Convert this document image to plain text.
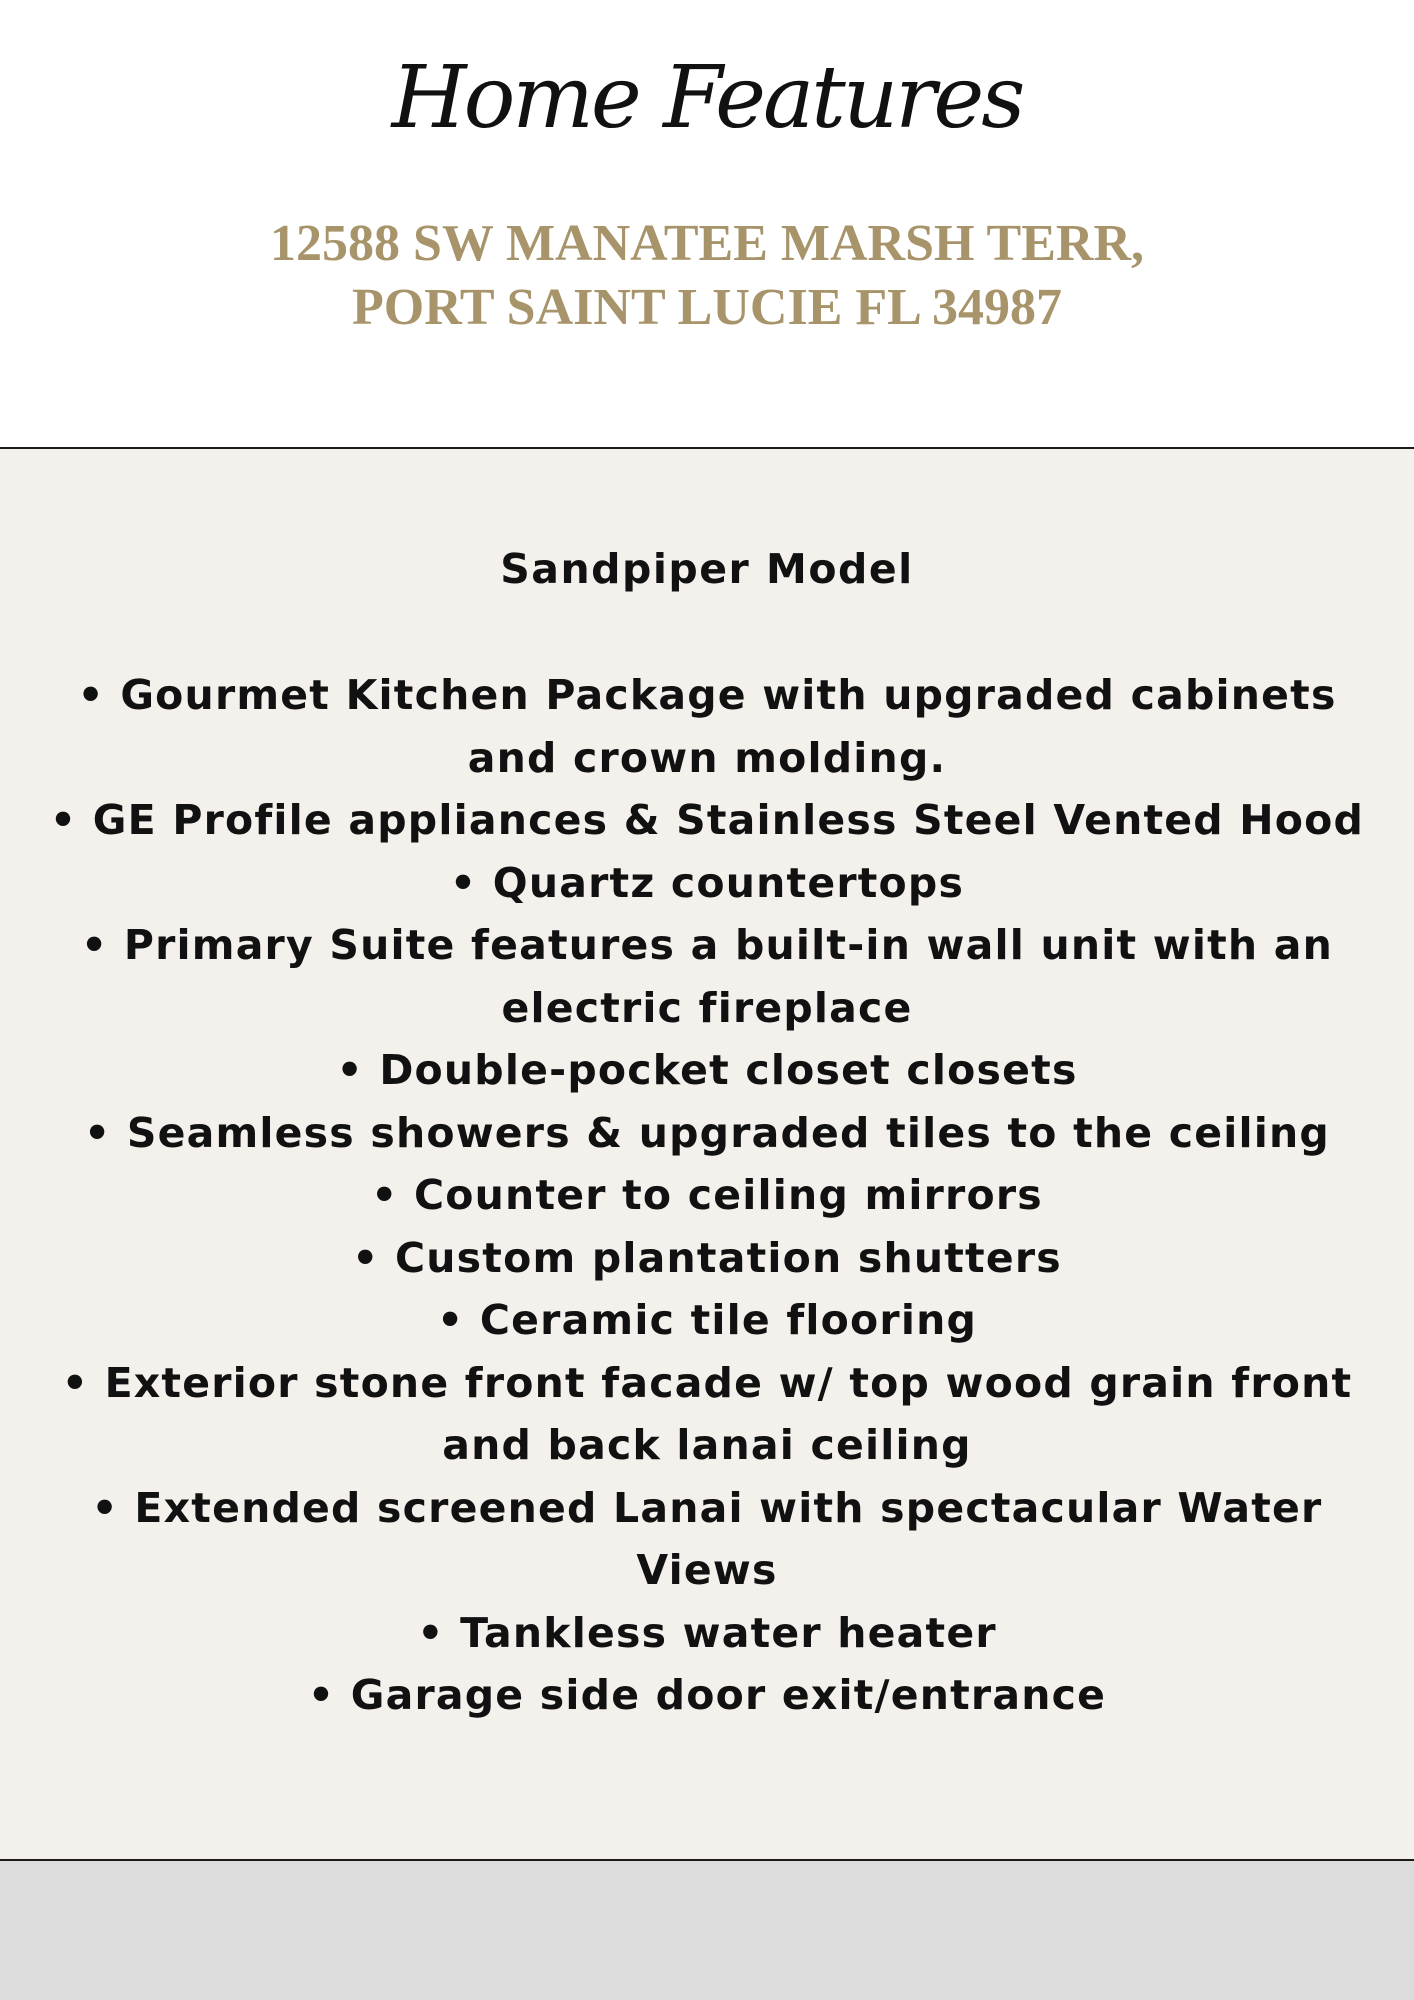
Home Features
12588 SW MANATEE MARSH TERR,
PORT SAINT LUCIE FL 34987
Sandpiper Model
• Gourmet Kitchen Package with upgraded cabinets and crown molding.
• GE Profile appliances & Stainless Steel Vented Hood
• Quartz countertops
• Primary Suite features a built-in wall unit with an electric fireplace
• Double-pocket closet closets
• Seamless showers & upgraded tiles to the ceiling
• Counter to ceiling mirrors
• Custom plantation shutters
• Ceramic tile flooring
• Exterior stone front facade w/ top wood grain front and back lanai ceiling
• Extended screened Lanai with spectacular Water Views
• Tankless water heater
• Garage side door exit/entrance
